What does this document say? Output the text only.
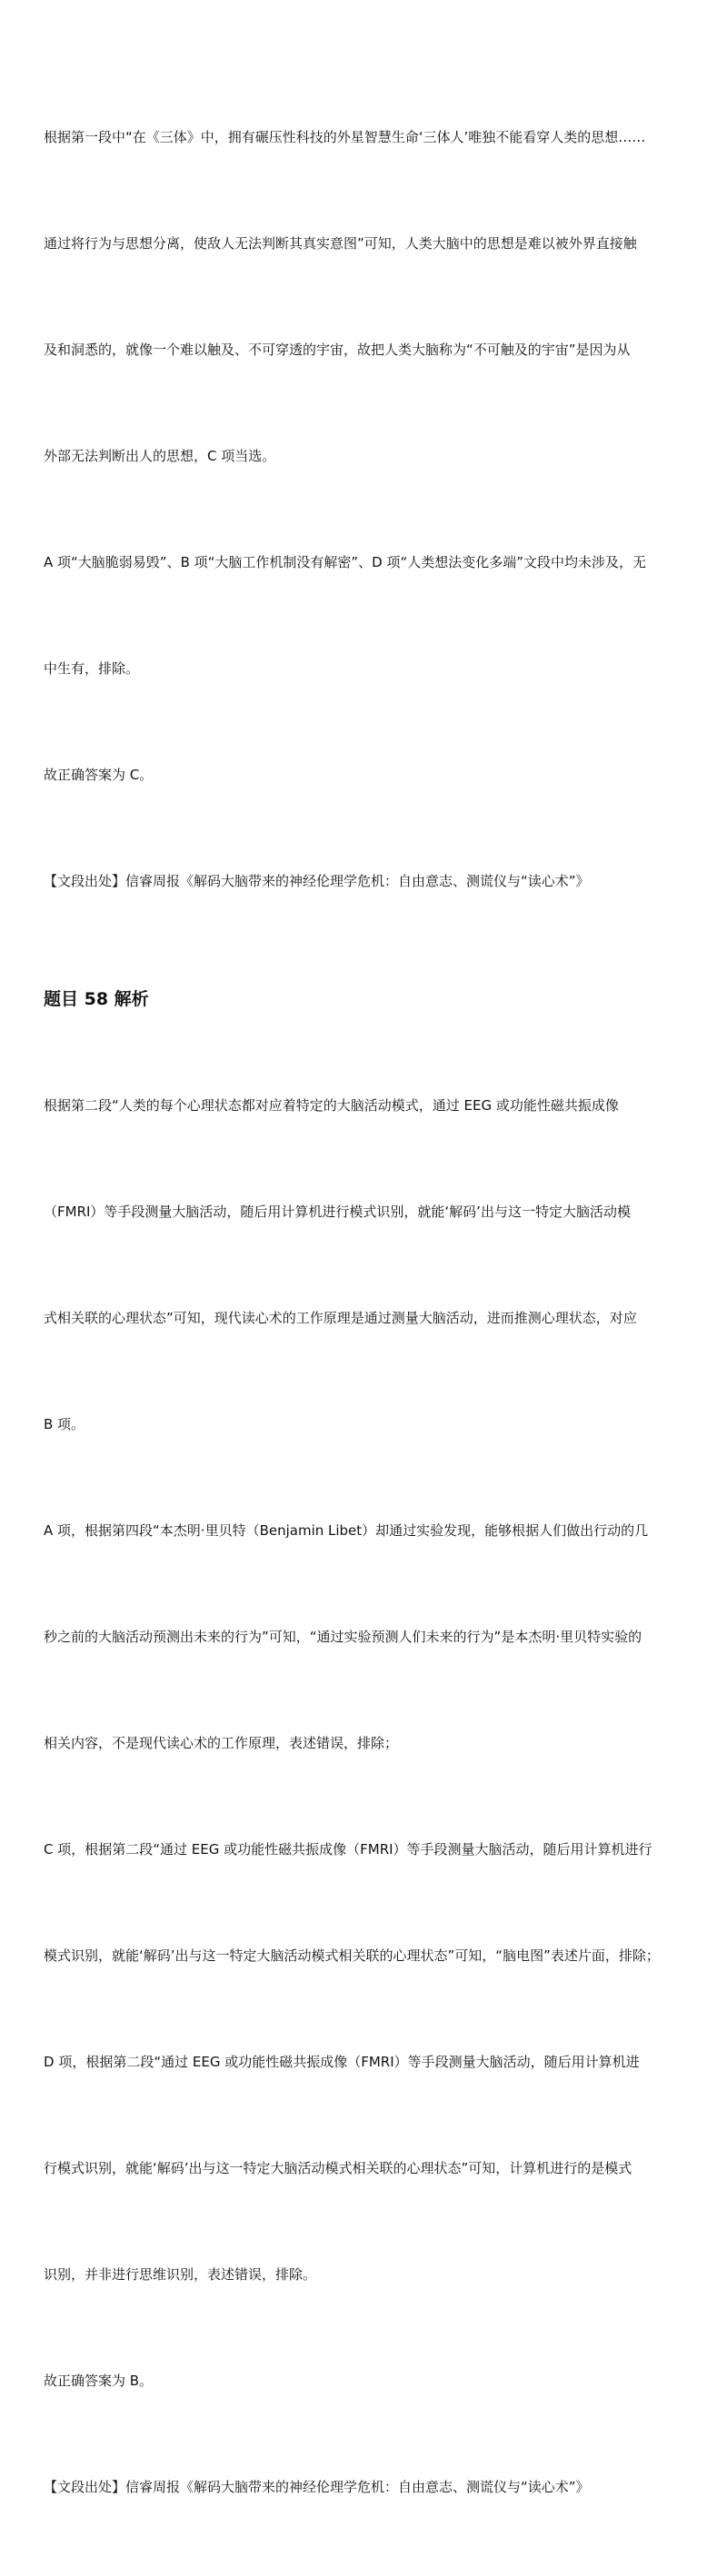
根据第一段中“在《三体》中，拥有碾压性科技的外星智慧生命‘三体人’唯独不能看穿人类的思想……

通过将行为与思想分离，使敌人无法判断其真实意图”可知，人类大脑中的思想是难以被外界直接触

及和洞悉的，就像一个难以触及、不可穿透的宇宙，故把人类大脑称为“不可触及的宇宙”是因为从

外部无法判断出人的思想，C 项当选。

A 项“大脑脆弱易毁”、B 项“大脑工作机制没有解密”、D 项“人类想法变化多端”文段中均未涉及，无

中生有，排除。

故正确答案为 C。

【文段出处】信睿周报《解码大脑带来的神经伦理学危机：自由意志、测谎仪与“读心术”》

题目 58 解析

根据第二段“人类的每个心理状态都对应着特定的大脑活动模式，通过 EEG 或功能性磁共振成像

（FMRI）等手段测量大脑活动，随后用计算机进行模式识别，就能‘解码’出与这一特定大脑活动模

式相关联的心理状态”可知，现代读心术的工作原理是通过测量大脑活动，进而推测心理状态，对应

B 项。

A 项，根据第四段“本杰明·里贝特（Benjamin Libet）却通过实验发现，能够根据人们做出行动的几

秒之前的大脑活动预测出未来的行为”可知，“通过实验预测人们未来的行为”是本杰明·里贝特实验的

相关内容，不是现代读心术的工作原理，表述错误，排除；

C 项，根据第二段“通过 EEG 或功能性磁共振成像（FMRI）等手段测量大脑活动，随后用计算机进行

模式识别，就能‘解码’出与这一特定大脑活动模式相关联的心理状态”可知，“脑电图”表述片面，排除；

D 项，根据第二段“通过 EEG 或功能性磁共振成像（FMRI）等手段测量大脑活动，随后用计算机进

行模式识别，就能‘解码’出与这一特定大脑活动模式相关联的心理状态”可知，计算机进行的是模式

识别，并非进行思维识别，表述错误，排除。

故正确答案为 B。

【文段出处】信睿周报《解码大脑带来的神经伦理学危机：自由意志、测谎仪与“读心术”》
